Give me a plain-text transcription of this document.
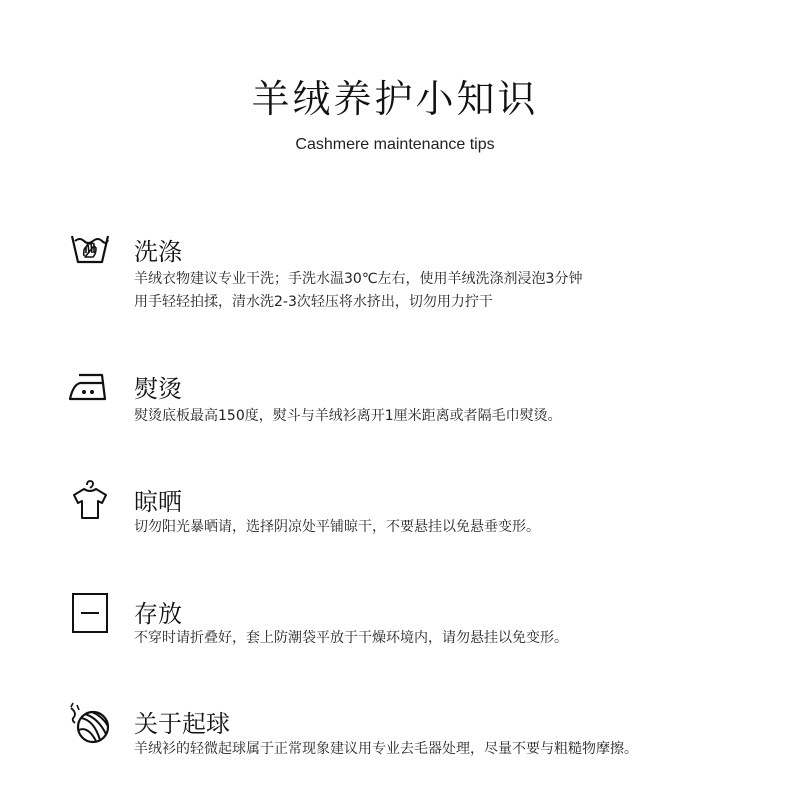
羊绒养护小知识
Cashmere maintenance tips
洗涤
羊绒衣物建议专业干洗；手洗水温30℃左右，使用羊绒洗涤剂浸泡3分钟
用手轻轻拍揉，清水洗2-3次轻压将水挤出，切勿用力拧干
熨烫
熨烫底板最高150度，熨斗与羊绒衫离开1厘米距离或者隔毛巾熨烫。
晾晒
切勿阳光暴晒请，选择阴凉处平铺晾干，不要悬挂以免悬垂变形。
存放
不穿时请折叠好，套上防潮袋平放于干燥环境内，请勿悬挂以免变形。
关于起球
羊绒衫的轻微起球属于正常现象建议用专业去毛器处理，尽量不要与粗糙物摩擦。
